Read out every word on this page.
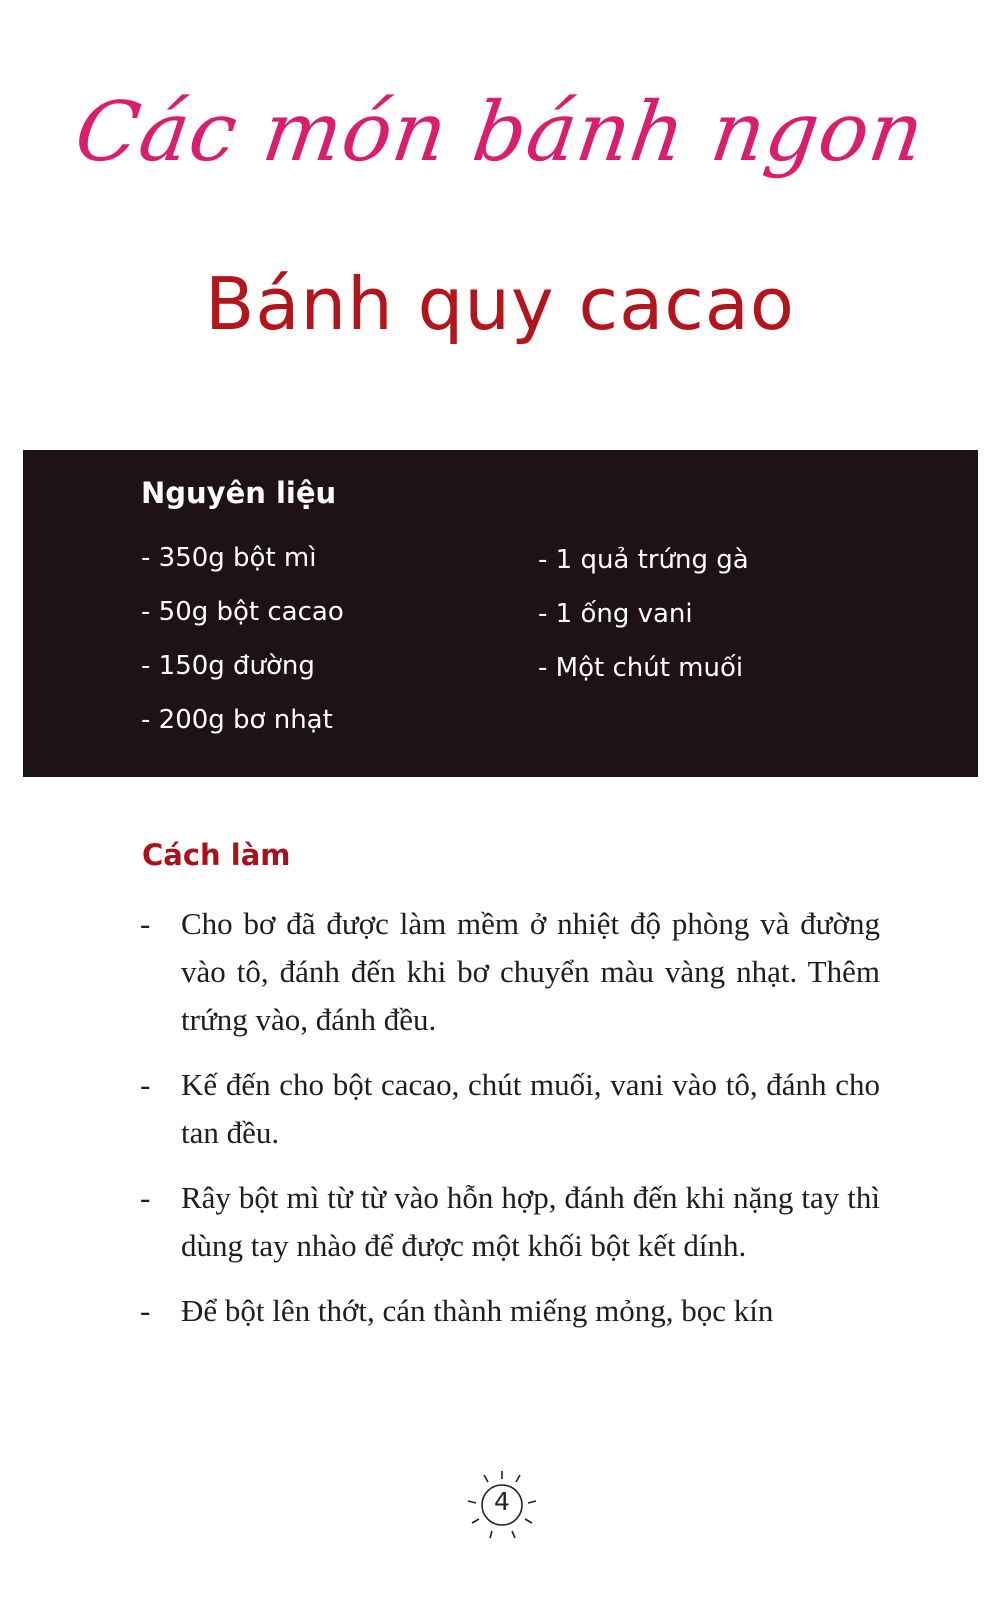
Các món bánh ngon
Bánh quy cacao
Nguyên liệu
- 350g bột mì
- 50g bột cacao
- 150g đường
- 200g bơ nhạt
- 1 quả trứng gà
- 1 ống vani
- Một chút muối
Cách làm
- Cho bơ đã được làm mềm ở nhiệt độ phòng và đường vào tô, đánh đến khi bơ chuyển màu vàng nhạt. Thêm trứng vào, đánh đều.
- Kế đến cho bột cacao, chút muối, vani vào tô, đánh cho tan đều.
- Rây bột mì từ từ vào hỗn hợp, đánh đến khi nặng tay thì dùng tay nhào để được một khối bột kết dính.
- Để bột lên thớt, cán thành miếng mỏng, bọc kín
4
